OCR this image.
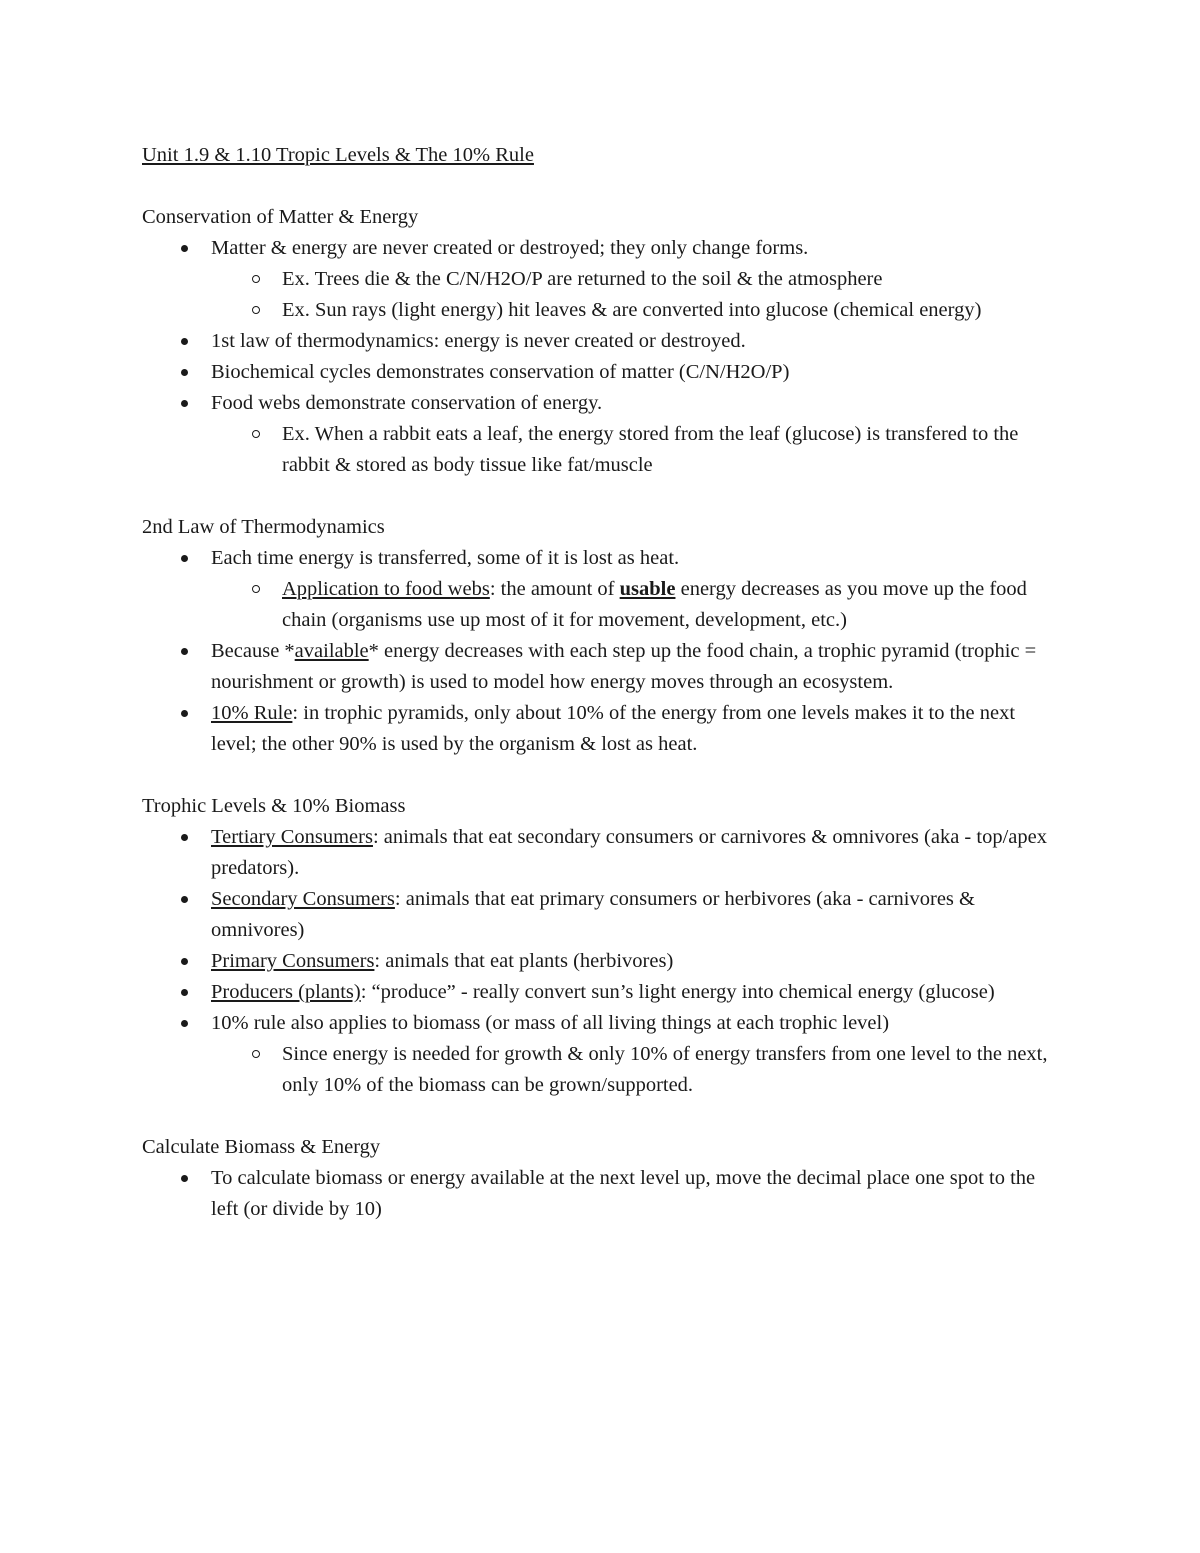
Unit 1.9 & 1.10 Tropic Levels & The 10% Rule
Conservation of Matter & Energy
Matter & energy are never created or destroyed; they only change forms.
Ex. Trees die & the C/N/H2O/P are returned to the soil & the atmosphere
Ex. Sun rays (light energy) hit leaves & are converted into glucose (chemical energy)
1st law of thermodynamics: energy is never created or destroyed.
Biochemical cycles demonstrates conservation of matter (C/N/H2O/P)
Food webs demonstrate conservation of energy.
Ex. When a rabbit eats a leaf, the energy stored from the leaf (glucose) is transfered to the rabbit & stored as body tissue like fat/muscle
2nd Law of Thermodynamics
Each time energy is transferred, some of it is lost as heat.
Application to food webs: the amount of usable energy decreases as you move up the food chain (organisms use up most of it for movement, development, etc.)
Because *available* energy decreases with each step up the food chain, a trophic pyramid (trophic = nourishment or growth) is used to model how energy moves through an ecosystem.
10% Rule: in trophic pyramids, only about 10% of the energy from one levels makes it to the next level; the other 90% is used by the organism & lost as heat.
Trophic Levels & 10% Biomass
Tertiary Consumers: animals that eat secondary consumers or carnivores & omnivores (aka - top/apex predators).
Secondary Consumers: animals that eat primary consumers or herbivores (aka - carnivores & omnivores)
Primary Consumers: animals that eat plants (herbivores)
Producers (plants): “produce” - really convert sun’s light energy into chemical energy (glucose)
10% rule also applies to biomass (or mass of all living things at each trophic level)
Since energy is needed for growth & only 10% of energy transfers from one level to the next, only 10% of the biomass can be grown/supported.
Calculate Biomass & Energy
To calculate biomass or energy available at the next level up, move the decimal place one spot to the left (or divide by 10)
